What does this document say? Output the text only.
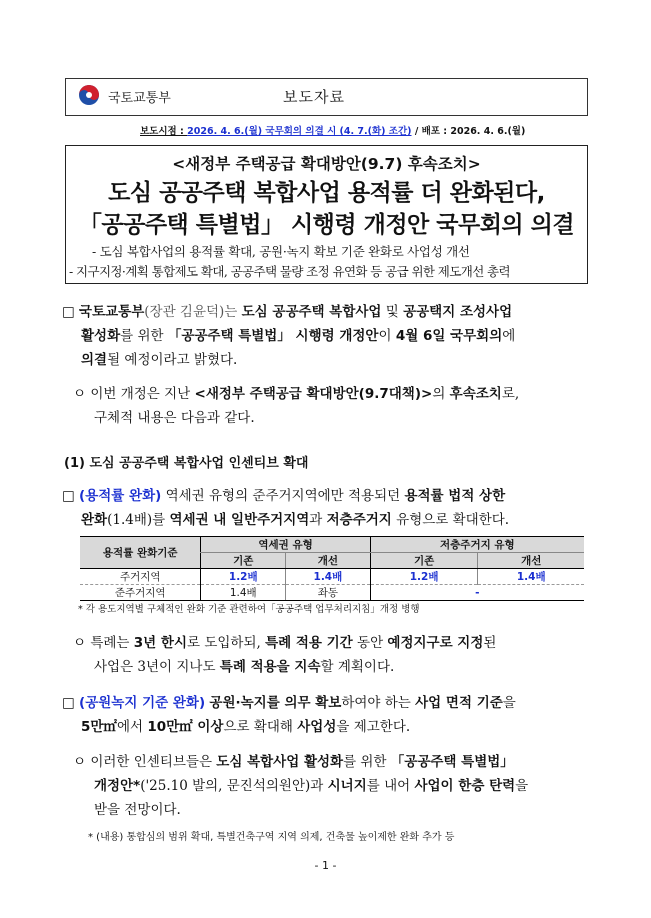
국토교통부	보도자료
보도시점 : 2026. 4. 6.(월) 국무회의 의결 시 (4. 7.(화) 조간) / 배포 : 2026. 4. 6.(월)
<새정부 주택공급 확대방안(9.7) 후속조치>
도심 공공주택 복합사업 용적률 더 완화된다,
「공공주택 특별법」 시행령 개정안 국무회의 의결
- 도심 복합사업의 용적률 확대, 공원·녹지 확보 기준 완화로 사업성 개선
- 지구지정·계획 통합제도 확대, 공공주택 물량 조정 유연화 등 공급 위한 제도개선 총력
□ 국토교통부(장관 김윤덕)는 도심 공공주택 복합사업 및 공공택지 조성사업
활성화를 위한 「공공주택 특별법」 시행령 개정안이 4월 6일 국무회의에
의결될 예정이라고 밝혔다.
ㅇ 이번 개정은 지난 <새정부 주택공급 확대방안(9.7대책)>의 후속조치로,
구체적 내용은 다음과 같다.
(1) 도심 공공주택 복합사업 인센티브 확대
□ (용적률 완화) 역세권 유형의 준주거지역에만 적용되던 용적률 법적 상한
완화(1.4배)를 역세권 내 일반주거지역과 저층주거지 유형으로 확대한다.
용적률 완화기준	역세권 유형		저층주거지 유형	
	기존	개선	기존	개선
주거지역	1.2배	1.4배	1.2배	1.4배
준주거지역	1.4배	좌동	-	
* 각 용도지역별 구체적인 완화 기준 관련하여「공공주택 업무처리지침」개정 병행
ㅇ 특례는 3년 한시로 도입하되, 특례 적용 기간 동안 예정지구로 지정된
사업은 3년이 지나도 특례 적용을 지속할 계획이다.
□ (공원녹지 기준 완화) 공원·녹지를 의무 확보하여야 하는 사업 면적 기준을
5만㎡에서 10만㎡ 이상으로 확대해 사업성을 제고한다.
ㅇ 이러한 인센티브들은 도심 복합사업 활성화를 위한 「공공주택 특별법」
개정안*('25.10 발의, 문진석의원안)과 시너지를 내어 사업이 한층 탄력을
받을 전망이다.
* (내용) 통합심의 범위 확대, 특별건축구역 지역 의제, 건축물 높이제한 완화 추가 등
- 1 -
